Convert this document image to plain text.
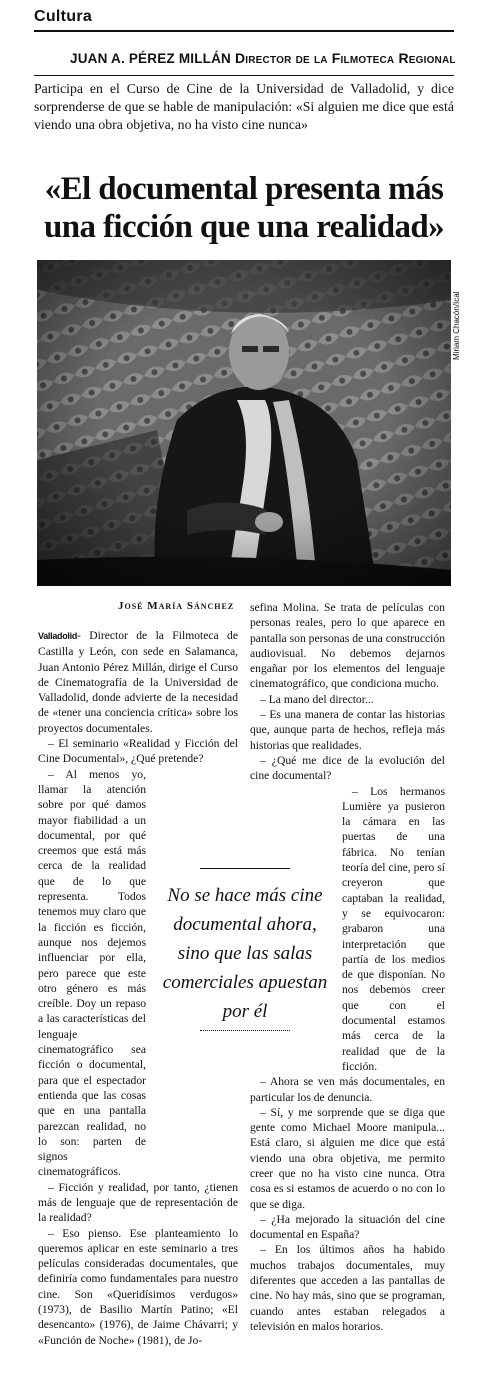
Cultura
JUAN A. PÉREZ MILLÁN Director de la Filmoteca Regional
Participa en el Curso de Cine de la Universidad de Valladolid, y dice sorprenderse de que se hable de manipulación: «Si alguien me dice que está viendo una obra objetiva, no ha visto cine nunca»
«El documental presenta más una ficción que una realidad»
Miriam Chacón/Ical
José María Sánchez

Valladolid- Director de la Filmoteca de Castilla y León, con sede en Salamanca, Juan Antonio Pérez Millán, dirige el Curso de Cinematografía de la Universidad de Valladolid, donde advierte de la necesidad de «tener una conciencia crítica» sobre los proyectos documentales.

– El seminario «Realidad y Ficción del Cine Documental», ¿Qué pretende?

– Al menos yo, llamar la atención sobre por qué damos mayor fiabilidad a un documental, por qué creemos que está más cerca de la realidad que de lo que representa. Todos tenemos muy claro que la ficción es ficción, aunque nos dejemos influenciar por ella, pero parece que este otro género es más creíble. Doy un repaso a las características del lenguaje cinematográfico sea ficción o documental, para que el espectador entienda que las cosas que en una pantalla parezcan realidad, no lo son: parten de signos cinematográficos.

– Ficción y realidad, por tanto, ¿tienen más de lenguaje que de representación de la realidad?

– Eso pienso. Ese planteamiento lo queremos aplicar en este seminario a tres películas consideradas documentales, que definiría como fundamentales para nuestro cine. Son «Queridísimos verdugos» (1973), de Basilio Martín Patino; «El desencanto» (1976), de Jaime Chávarri; y «Función de Noche» (1981), de Jo-

sefina Molina. Se trata de películas con personas reales, pero lo que aparece en pantalla son personas de una construcción audiovisual. No debemos dejarnos engañar por los elementos del lenguaje cinematográfico, que condiciona mucho.

– La mano del director...

– Es una manera de contar las historias que, aunque parta de hechos, refleja más historias que realidades.

– ¿Qué me dice de la evolución del cine documental?

– Los hermanos Lumière ya pusieron la cámara en las puertas de una fábrica. No tenían teoría del cine, pero sí creyeron que captaban la realidad, y se equivocaron: grabaron una interpretación que partía de los medios de que disponían. No nos debemos creer que con el documental estamos más cerca de la realidad que de la ficción.

– Ahora se ven más documentales, en particular los de denuncia.

– Sí, y me sorprende que se diga que gente como Michael Moore manipula... Está claro, si alguien me dice que está viendo una obra objetiva, me permito creer que no ha visto cine nunca. Otra cosa es si estamos de acuerdo o no con lo que se diga.

– ¿Ha mejorado la situación del cine documental en España?

– En los últimos años ha habido muchos trabajos documentales, muy diferentes que acceden a las pantallas de cine. No hay más, sino que se programan, cuando antes estaban relegados a televisión en malos horarios.

No se hace más cine documental ahora, sino que las salas comerciales apuestan por él
